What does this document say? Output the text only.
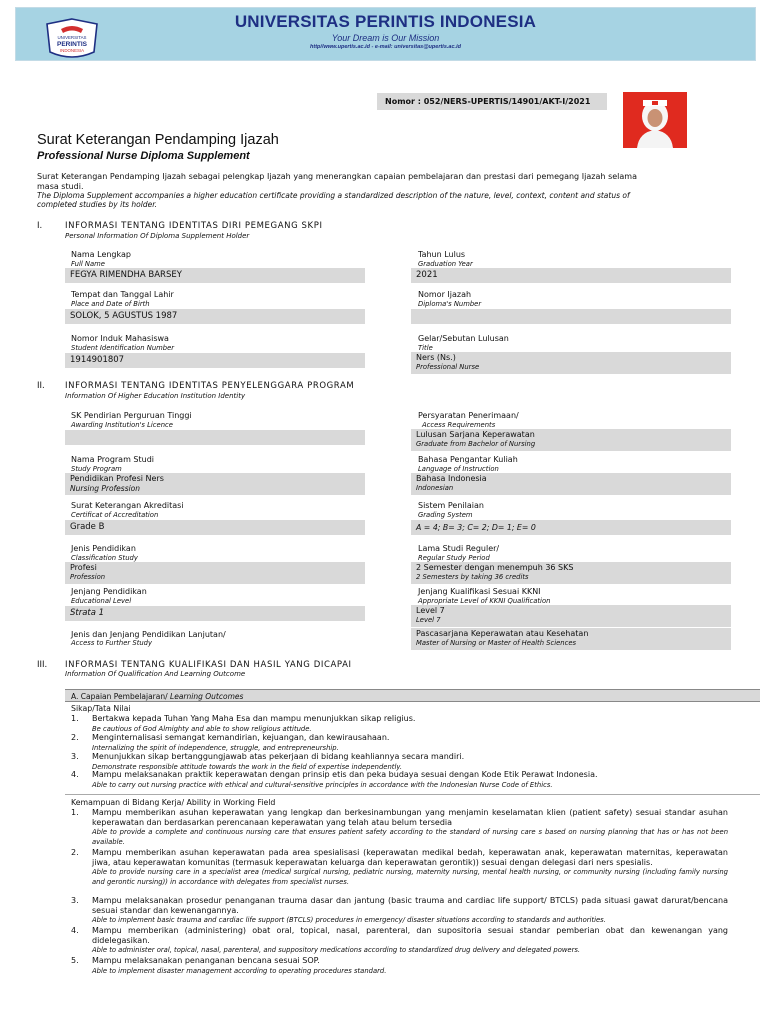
UNIVERSITAS
PERINTIS
INDONESIA
UNIVERSITAS PERINTIS INDONESIA
Your Dream is Our Mission
http//www.upertis.ac.id - e-mail: universitas@upertis.ac.id
Nomor : 052/NERS-UPERTIS/14901/AKT-I/2021
Surat Keterangan Pendamping Ijazah
Professional Nurse Diploma Supplement
Surat Keterangan Pendamping Ijazah sebagai pelengkap Ijazah yang menerangkan capaian pembelajaran dan prestasi dari pemegang Ijazah selama masa studi.
The Diploma Supplement accompanies a higher education certificate providing a standardized description of the nature, level, context, content and status of completed studies by its holder.
I.	INFORMASI TENTANG IDENTITAS DIRI PEMEGANG SKPI
Personal Information Of Diploma Supplement Holder
Nama Lengkap
Full Name
FEGYA RIMENDHA BARSEY
Tahun Lulus
Graduation Year
2021
Tempat dan Tanggal Lahir
Place and Date of Birth
SOLOK, 5 AGUSTUS 1987
Nomor Ijazah
Diploma's Number
Nomor Induk Mahasiswa
Student Identification Number
1914901807
Gelar/Sebutan Lulusan
Title
Ners (Ns.)
Professional Nurse
II. INFORMASI TENTANG IDENTITAS PENYELENGGARA PROGRAM
Information Of Higher Education Institution Identity
SK Pendirian Perguruan Tinggi
Awarding Institution's Licence
Persyaratan Penerimaan/
Access Requirements
Lulusan Sarjana Keperawatan
Graduate from Bachelor of Nursing
Nama Program Studi
Study Program
Pendidikan Profesi Ners
Nursing Profession
Bahasa Pengantar Kuliah
Language of Instruction
Bahasa Indonesia
Indonesian
Surat Keterangan Akreditasi
Certificat of Accreditation
Grade B
Sistem Penilaian
Grading System
A = 4; B= 3; C= 2; D= 1; E= 0
Jenis Pendidikan
Classification Study
Profesi
Profession
Lama Studi Reguler/
Regular Study Period
2 Semester dengan menempuh 36 SKS
2 Semesters by taking 36 credits
Jenjang Pendidikan
Educational Level
Strata 1
Jenjang Kualifikasi Sesuai KKNI
Appropriate Level of KKNI Qualification
Level 7
Level 7
Jenis dan Jenjang Pendidikan Lanjutan/
Access to Further Study
Pascasarjana Keperawatan atau Kesehatan
Master of Nursing or Master of Health Sciences
III. INFORMASI TENTANG KUALIFIKASI DAN HASIL YANG DICAPAI
Information Of Qualification And Learning Outcome
A. Capaian Pembelajaran/ Learning Outcomes
Sikap/Tata Nilai
1. Bertakwa kepada Tuhan Yang Maha Esa dan mampu menunjukkan sikap religius.
Be cautious of God Almighty and able to show religious attitude.
2. Menginternalisasi semangat kemandirian, kejuangan, dan kewirausahaan.
Internalizing the spirit of independence, struggle, and entrepreneurship.
3. Menunjukkan sikap bertanggungjawab atas pekerjaan di bidang keahliannya secara mandiri.
Demonstrate responsible attitude towards the work in the field of expertise independently.
4. Mampu melaksanakan praktik keperawatan dengan prinsip etis dan peka budaya sesuai dengan Kode Etik Perawat Indonesia.
Able to carry out nursing practice with ethical and cultural-sensitive principles in accordance with the Indonesian Nurse Code of Ethics.
Kemampuan di Bidang Kerja/ Ability in Working Field
1. Mampu memberikan asuhan keperawatan yang lengkap dan berkesinambungan yang menjamin keselamatan klien (patient safety) sesuai standar asuhan keperawatan dan berdasarkan perencanaan keperawatan yang telah atau belum tersedia
Able to provide a complete and continuous nursing care that ensures patient safety according to the standard of nursing care s based on nursing planning that has or has not been available.
2. Mampu memberikan asuhan keperawatan pada area spesialisasi (keperawatan medikal bedah, keperawatan anak, keperawatan maternitas, keperawatan jiwa, atau keperawatan komunitas (termasuk keperawatan keluarga dan keperawatan gerontik)) sesuai dengan delegasi dari ners spesialis.
Able to provide nursing care in a specialist area (medical surgical nursing, pediatric nursing, maternity nursing, mental health nursing, or community nursing (including family nursing and gerontic nursing)) in accordance with delegates from specialist nurses.
3. Mampu melaksanakan prosedur penanganan trauma dasar dan jantung (basic trauma and cardiac life support/ BTCLS) pada situasi gawat darurat/bencana sesuai standar dan kewenangannya.
Able to implement basic trauma and cardiac life support (BTCLS) procedures in emergency/ disaster situations according to standards and authorities.
4. Mampu memberikan (administering) obat oral, topical, nasal, parenteral, dan supositoria sesuai standar pemberian obat dan kewenangan yang didelegasikan.
Able to administer oral, topical, nasal, parenteral, and suppository medications according to standardized drug delivery and delegated powers.
5. Mampu melaksanakan penanganan bencana sesuai SOP.
Able to implement disaster management according to operating procedures standard.
